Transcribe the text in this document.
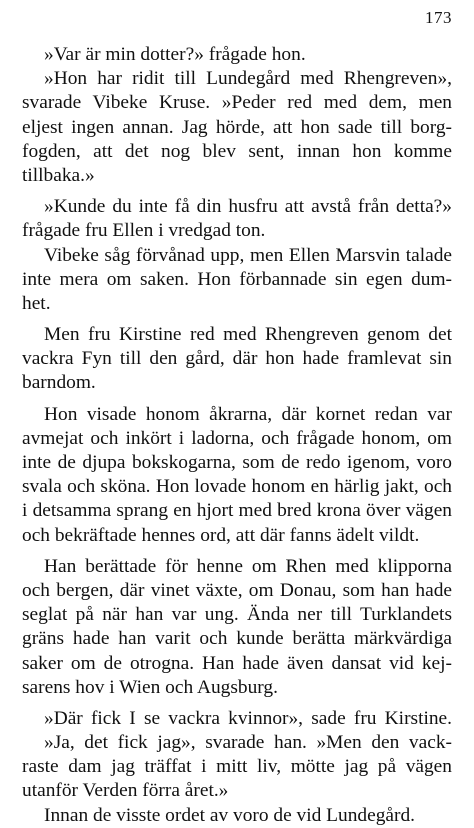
173
»Var är min dotter?» frågade hon.
»Hon har ridit till Lundegård med Rhengreven»,
svarade Vibeke Kruse. »Peder red med dem, men
eljest ingen annan. Jag hörde, att hon sade till borg-
fogden, att det nog blev sent, innan hon komme
tillbaka.»
»Kunde du inte få din husfru att avstå från detta?»
frågade fru Ellen i vredgad ton.
Vibeke såg förvånad upp, men Ellen Marsvin talade
inte mera om saken. Hon förbannade sin egen dum-
het.
Men fru Kirstine red med Rhengreven genom det
vackra Fyn till den gård, där hon hade framlevat sin
barndom.
Hon visade honom åkrarna, där kornet redan var
avmejat och inkört i ladorna, och frågade honom, om
inte de djupa bokskogarna, som de redo igenom, voro
svala och sköna. Hon lovade honom en härlig jakt, och
i detsamma sprang en hjort med bred krona över vägen
och bekräftade hennes ord, att där fanns ädelt vildt.
Han berättade för henne om Rhen med klipporna
och bergen, där vinet växte, om Donau, som han hade
seglat på när han var ung. Ända ner till Turklandets
gräns hade han varit och kunde berätta märkvärdiga
saker om de otrogna. Han hade även dansat vid kej-
sarens hov i Wien och Augsburg.
»Där fick I se vackra kvinnor», sade fru Kirstine.
»Ja, det fick jag», svarade han. »Men den vack-
raste dam jag träffat i mitt liv, mötte jag på vägen
utanför Verden förra året.»
Innan de visste ordet av voro de vid Lundegård.
